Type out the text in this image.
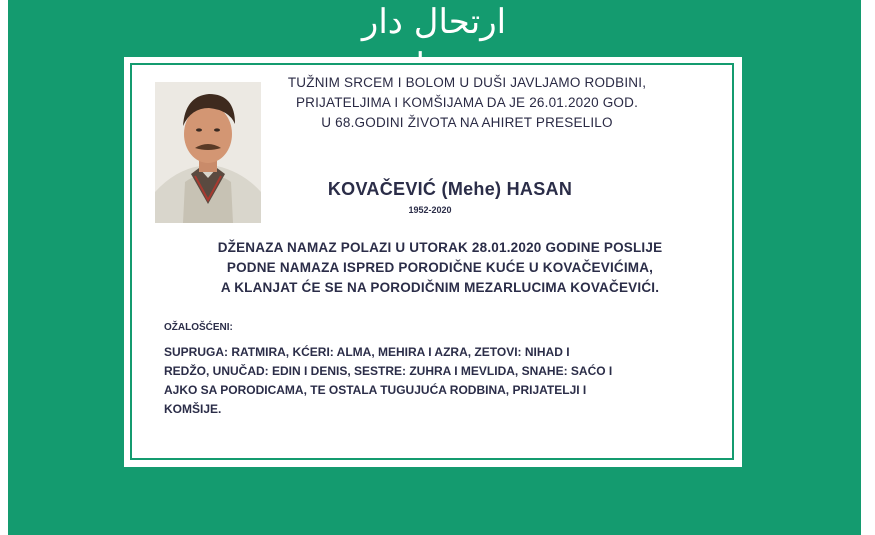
ارتحال دار
TUŽNIM SRCEM I BOLOM U DUŠI JAVLJAMO RODBINI,
PRIJATELJIMA I KOMŠIJAMA DA JE 26.01.2020 GOD.
U 68.GODINI ŽIVOTA NA AHIRET PRESELILO
KOVAČEVIĆ (Mehe) HASAN
1952-2020
DŽENAZA NAMAZ POLAZI U UTORAK 28.01.2020 GODINE POSLIJE
PODNE NAMAZA ISPRED PORODIČNE KUĆE U KOVAČEVIĆIMA,
A KLANJAT ĆE SE NA PORODIČNIM MEZARLUCIMA KOVAČEVIĆI.
OŽALOŠĆENI:
SUPRUGA: RATMIRA, KĆERI: ALMA, MEHIRA I AZRA, ZETOVI: NIHAD I
REDŽO, UNUČAD: EDIN I DENIS, SESTRE: ZUHRA I MEVLIDA, SNAHE: SAĆO I
AJKO SA PORODICAMA, TE OSTALA TUGUJUĆA RODBINA, PRIJATELJI I
KOMŠIJE.
